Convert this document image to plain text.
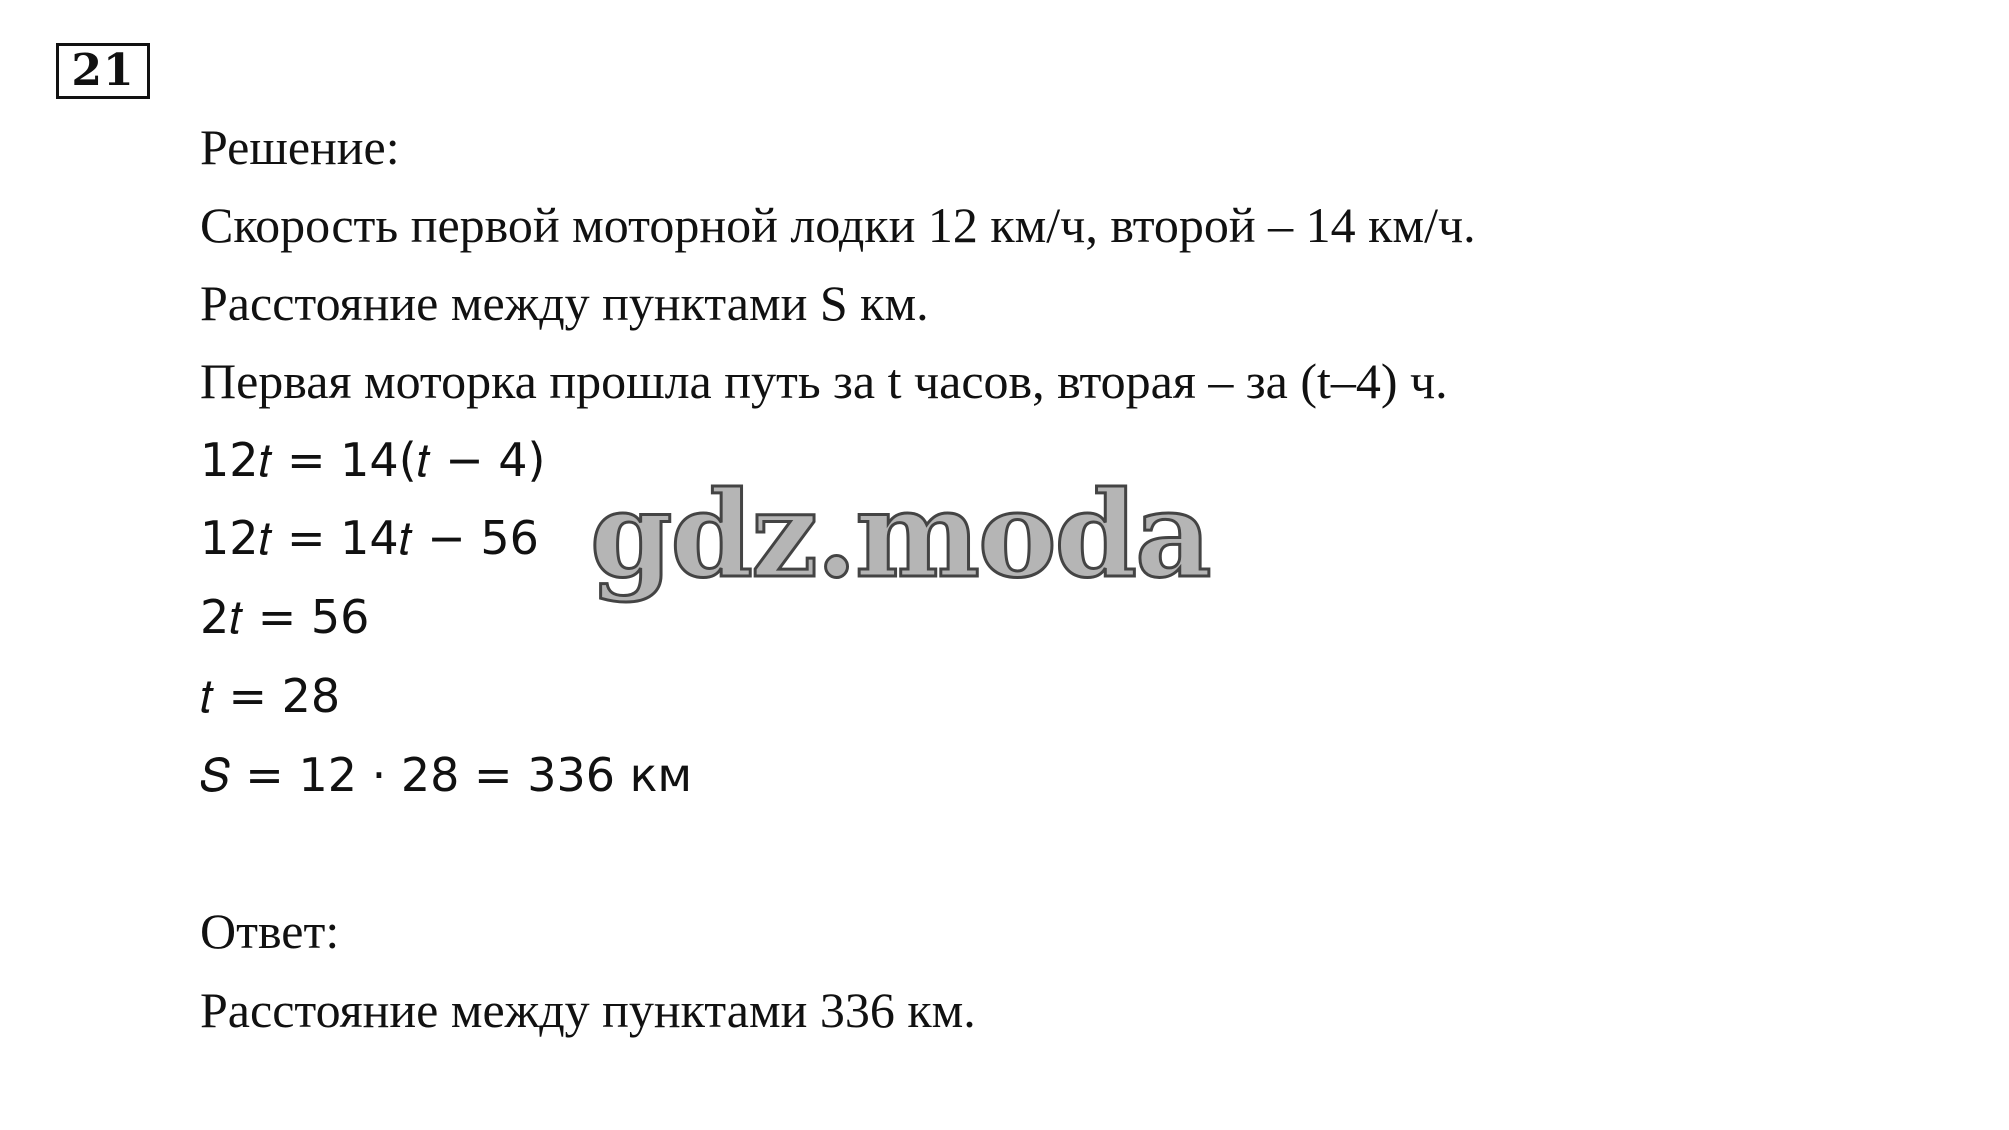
21
Решение:
Скорость первой моторной лодки 12 км/ч, второй – 14 км/ч.
Расстояние между пунктами S км.
Первая моторка прошла путь за t часов, вторая – за (t–4) ч.
12𝑡 = 14(𝑡 − 4)
12𝑡 = 14𝑡 − 56
2𝑡 = 56
𝑡 = 28
𝑆 = 12 · 28 = 336 км
Ответ:
Расстояние между пунктами 336 км.
gdz.moda
